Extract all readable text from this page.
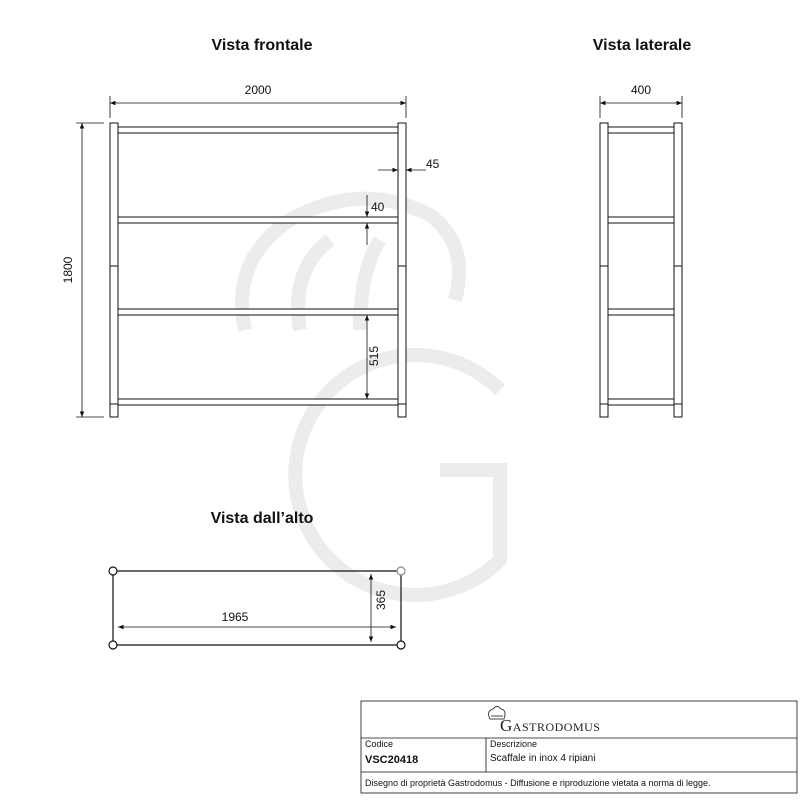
Vista frontale	Vista laterale
Vista dall’alto
2000
1800
45
40
515
400
1965
365
Gastrodomus
Codice
VSC20418
Descrizione
Scaffale in inox 4 ripiani
Disegno di proprietà Gastrodomus - Diffusione e riproduzione vietata a norma di legge.
